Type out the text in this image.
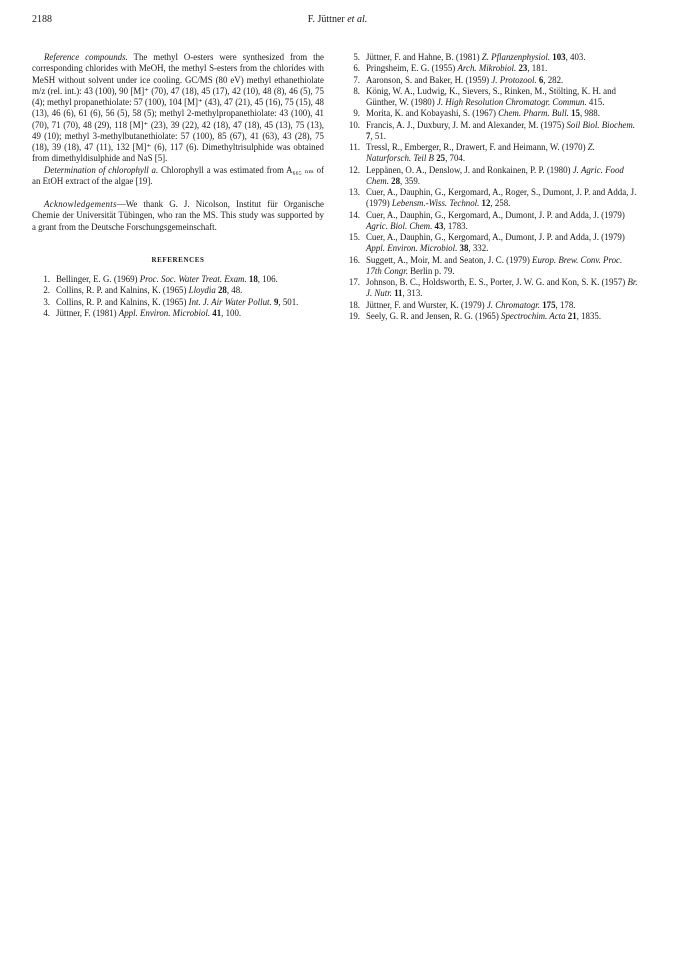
2188	F. Jüttner et al.

Reference compounds. The methyl O-esters were synthesized from the corresponding chlorides with MeOH, the methyl S-esters from the chlorides with MeSH without solvent under ice cooling. GC/MS (80 eV) methyl ethanethiolate m/z (rel. int.): 43 (100), 90 [M]⁺ (70), 47 (18), 45 (17), 42 (10), 48 (8), 46 (5), 75 (4); methyl propanethiolate: 57 (100), 104 [M]⁺ (43), 47 (21), 45 (16), 75 (15), 48 (13), 46 (6), 61 (6), 56 (5), 58 (5); methyl 2-methylpropanethiolate: 43 (100), 41 (70), 71 (70), 48 (29), 118 [M]⁺ (23), 39 (22), 42 (18), 47 (18), 45 (13), 75 (13), 49 (10); methyl 3-methylbutanethiolate: 57 (100), 85 (67), 41 (63), 43 (28), 75 (18), 39 (18), 47 (11), 132 [M]⁺ (6), 117 (6). Dimethyltrisulphide was obtained from dimethyldisulphide and NaS [5].

Determination of chlorophyll a. Chlorophyll a was estimated from A₆₆₅ ₙₘ of an EtOH extract of the algae [19].

Acknowledgements—We thank G. J. Nicolson, Institut für Organische Chemie der Universität Tübingen, who ran the MS. This study was supported by a grant from the Deutsche Forschungsgemeinschaft.

REFERENCES
1. Bellinger, E. G. (1969) Proc. Soc. Water Treat. Exam. 18, 106.
2. Collins, R. P. and Kalnins, K. (1965) Lloydia 28, 48.
3. Collins, R. P. and Kalnins, K. (1965) Int. J. Air Water Pollut. 9, 501.
4. Jüttner, F. (1981) Appl. Environ. Microbiol. 41, 100.
5. Jüttner, F. and Hahne, B. (1981) Z. Pflanzenphysiol. 103, 403.
6. Pringsheim, E. G. (1955) Arch. Mikrobiol. 23, 181.
7. Aaronson, S. and Baker, H. (1959) J. Protozool. 6, 282.
8. König, W. A., Ludwig, K., Sievers, S., Rinken, M., Stölting, K. H. and Günther, W. (1980) J. High Resolution Chromatogr. Commun. 415.
9. Morita, K. and Kobayashi, S. (1967) Chem. Pharm. Bull. 15, 988.
10. Francis, A. J., Duxbury, J. M. and Alexander, M. (1975) Soil Biol. Biochem. 7, 51.
11. Tressl, R., Emberger, R., Drawert, F. and Heimann, W. (1970) Z. Naturforsch. Teil B 25, 704.
12. Leppänen, O. A., Denslow, J. and Ronkainen, P. P. (1980) J. Agric. Food Chem. 28, 359.
13. Cuer, A., Dauphin, G., Kergomard, A., Roger, S., Dumont, J. P. and Adda, J. (1979) Lebensm.-Wiss. Technol. 12, 258.
14. Cuer, A., Dauphin, G., Kergomard, A., Dumont, J. P. and Adda, J. (1979) Agric. Biol. Chem. 43, 1783.
15. Cuer, A., Dauphin, G., Kergomard, A., Dumont, J. P. and Adda, J. (1979) Appl. Environ. Microbiol. 38, 332.
16. Suggett, A., Moir, M. and Seaton, J. C. (1979) Europ. Brew. Conv. Proc. 17th Congr. Berlin p. 79.
17. Johnson, B. C., Holdsworth, E. S., Porter, J. W. G. and Kon, S. K. (1957) Br. J. Nutr. 11, 313.
18. Jüttner, F. and Wurster, K. (1979) J. Chromatogr. 175, 178.
19. Seely, G. R. and Jensen, R. G. (1965) Spectrochim. Acta 21, 1835.
